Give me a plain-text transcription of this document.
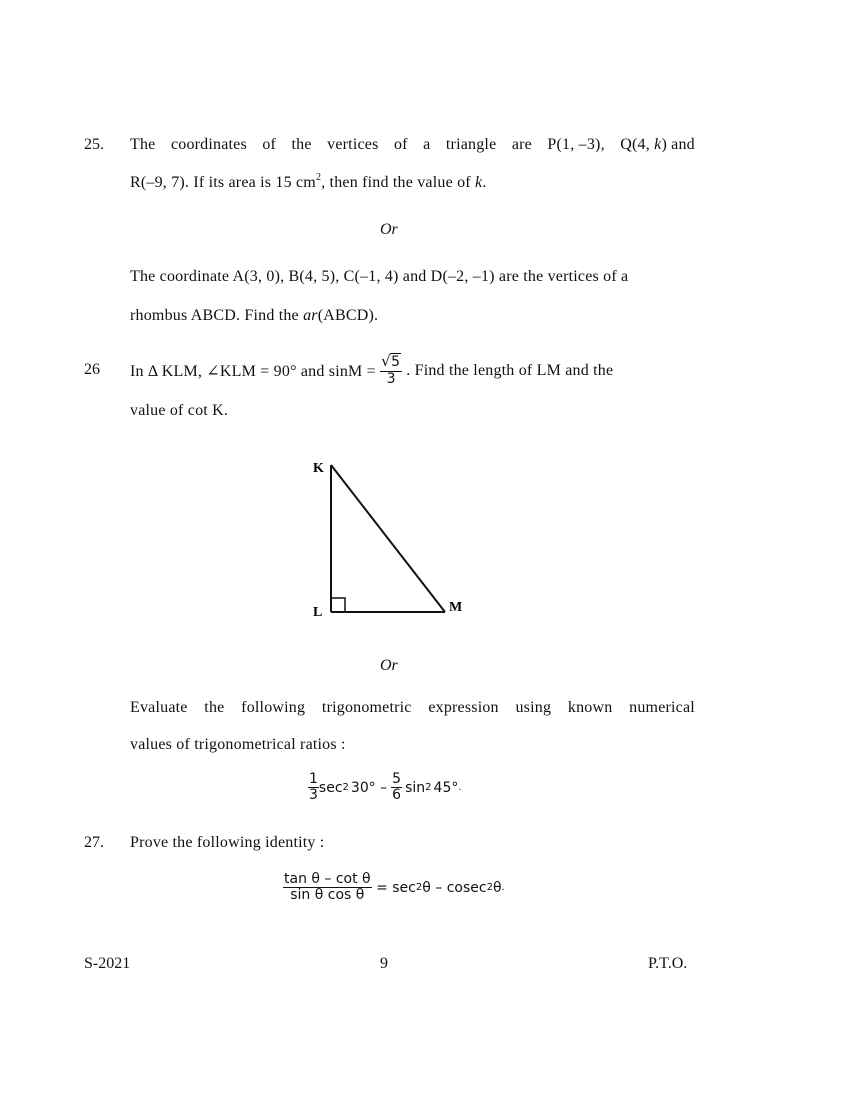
25. The coordinates of the vertices of a triangle are P(1, –3), Q(4, k) and
R(–9, 7). If its area is 15 $cm^2$, then find the value of k.
Or
The coordinate A(3, 0), B(4, 5), C(–1, 4) and D(–2, –1) are the vertices of a
rhombus ABCD. Find the ar(ABCD).
26 In Δ KLM, ∠KLM = 90° and $\sin M = \frac{√ 5}{3}$ . Find the length of LM and the
value of cot K.
K
L	M
Or
Evaluate the following trigonometric expression using known numerical
values of trigonometrical ratios :
$\frac{1}{3}$ sec 2 $30^\circ - \frac{5}{6}$ sin 2 45° .
27. Prove the following identity :
$\frac{\text{tan θ – cot θ}}{\text{sin θ cos θ}} = \sec 2$ θ – cosec 2 θ .
S-2021	9	P.T.O.
